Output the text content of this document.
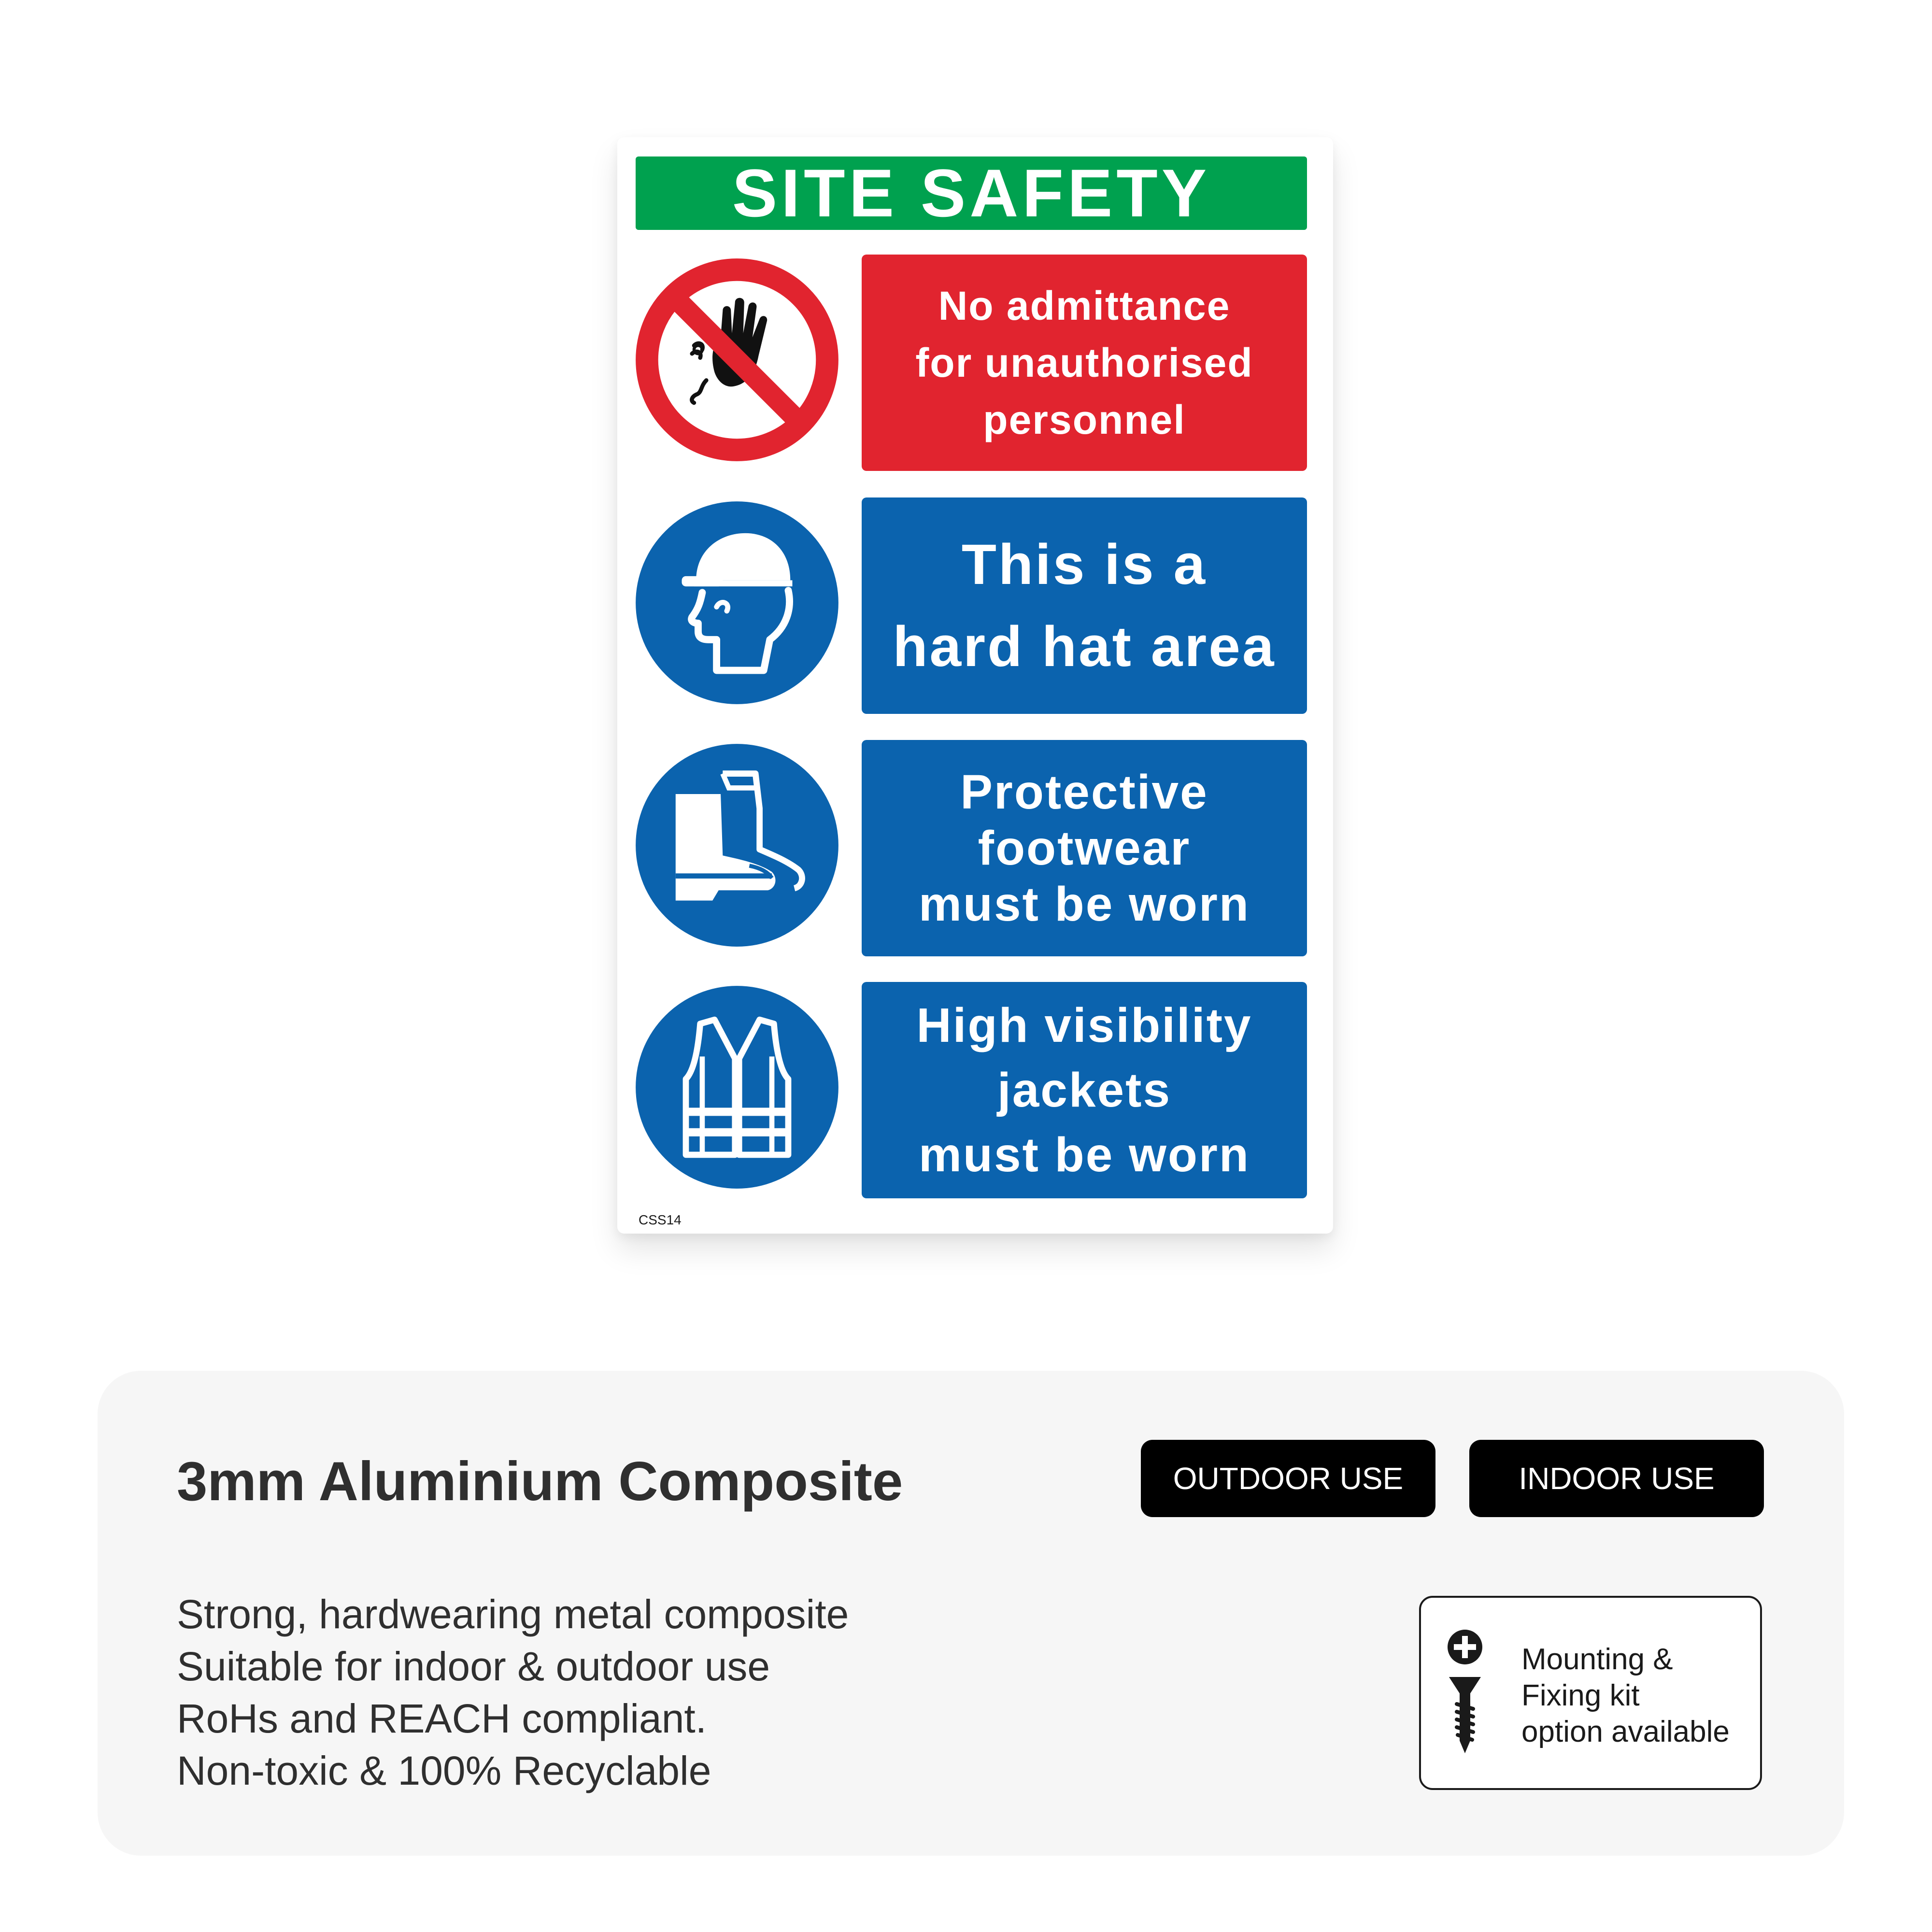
SITE SAFETY
No admittance
for unauthorised
personnel
This is a
hard hat area
Protective
footwear
must be worn
High visibility
jackets
must be worn
CSS14
3mm Aluminium Composite	OUTDOOR USE	INDOOR USE
Strong, hardwearing metal composite
Suitable for indoor & outdoor use
RoHs and REACH compliant.
Non-toxic & 100% Recyclable
Mounting &
Fixing kit
option available
